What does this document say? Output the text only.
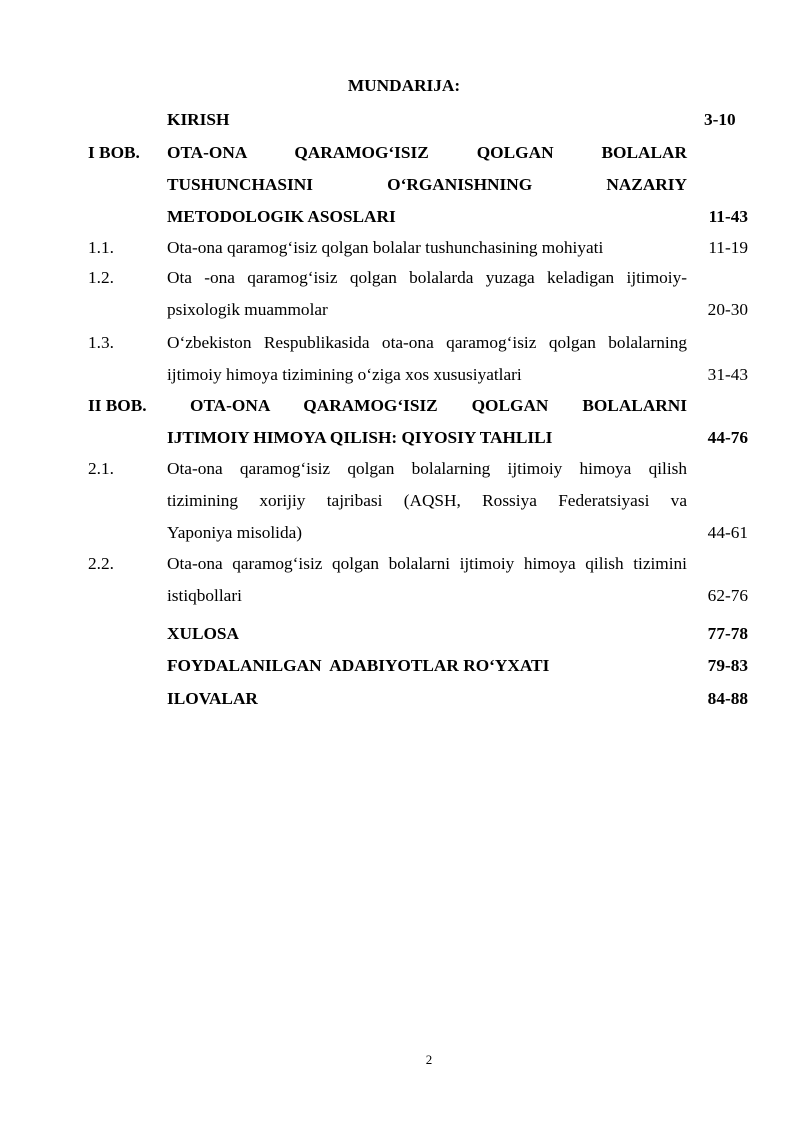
MUNDARIJA:
KIRISH	3-10
I BOB. OTA-ONA QARAMOG‘ISIZ QOLGAN BOLALAR
TUSHUNCHASINI O‘RGANISHNING NAZARIY
METODOLOGIK ASOSLARI	11-43
1.1.	Ota-ona qaramog‘isiz qolgan bolalar tushunchasining mohiyati	11-19
1.2.	Ota -ona qaramog‘isiz qolgan bolalarda yuzaga keladigan ijtimoiy-
psixologik muammolar	20-30
1.3.	O‘zbekiston Respublikasida ota-ona qaramog‘isiz qolgan bolalarning
ijtimoiy himoya tizimining o‘ziga xos xususiyatlari	31-43
II BOB.	OTA-ONA QARAMOG‘ISIZ QOLGAN BOLALARNI
IJTIMOIY HIMOYA QILISH: QIYOSIY TAHLILI	44-76
2.1.	Ota-ona qaramog‘isiz qolgan bolalarning ijtimoiy himoya qilish
tizimining xorijiy tajribasi (AQSH, Rossiya Federatsiyasi va
Yaponiya misolida)	44-61
2.2.	Ota-ona qaramog‘isiz qolgan bolalarni ijtimoiy himoya qilish tizimini
istiqbollari	62-76
XULOSA	77-78
FOYDALANILGAN  ADABIYOTLAR RO‘YXATI	79-83
ILOVALAR	84-88
2
